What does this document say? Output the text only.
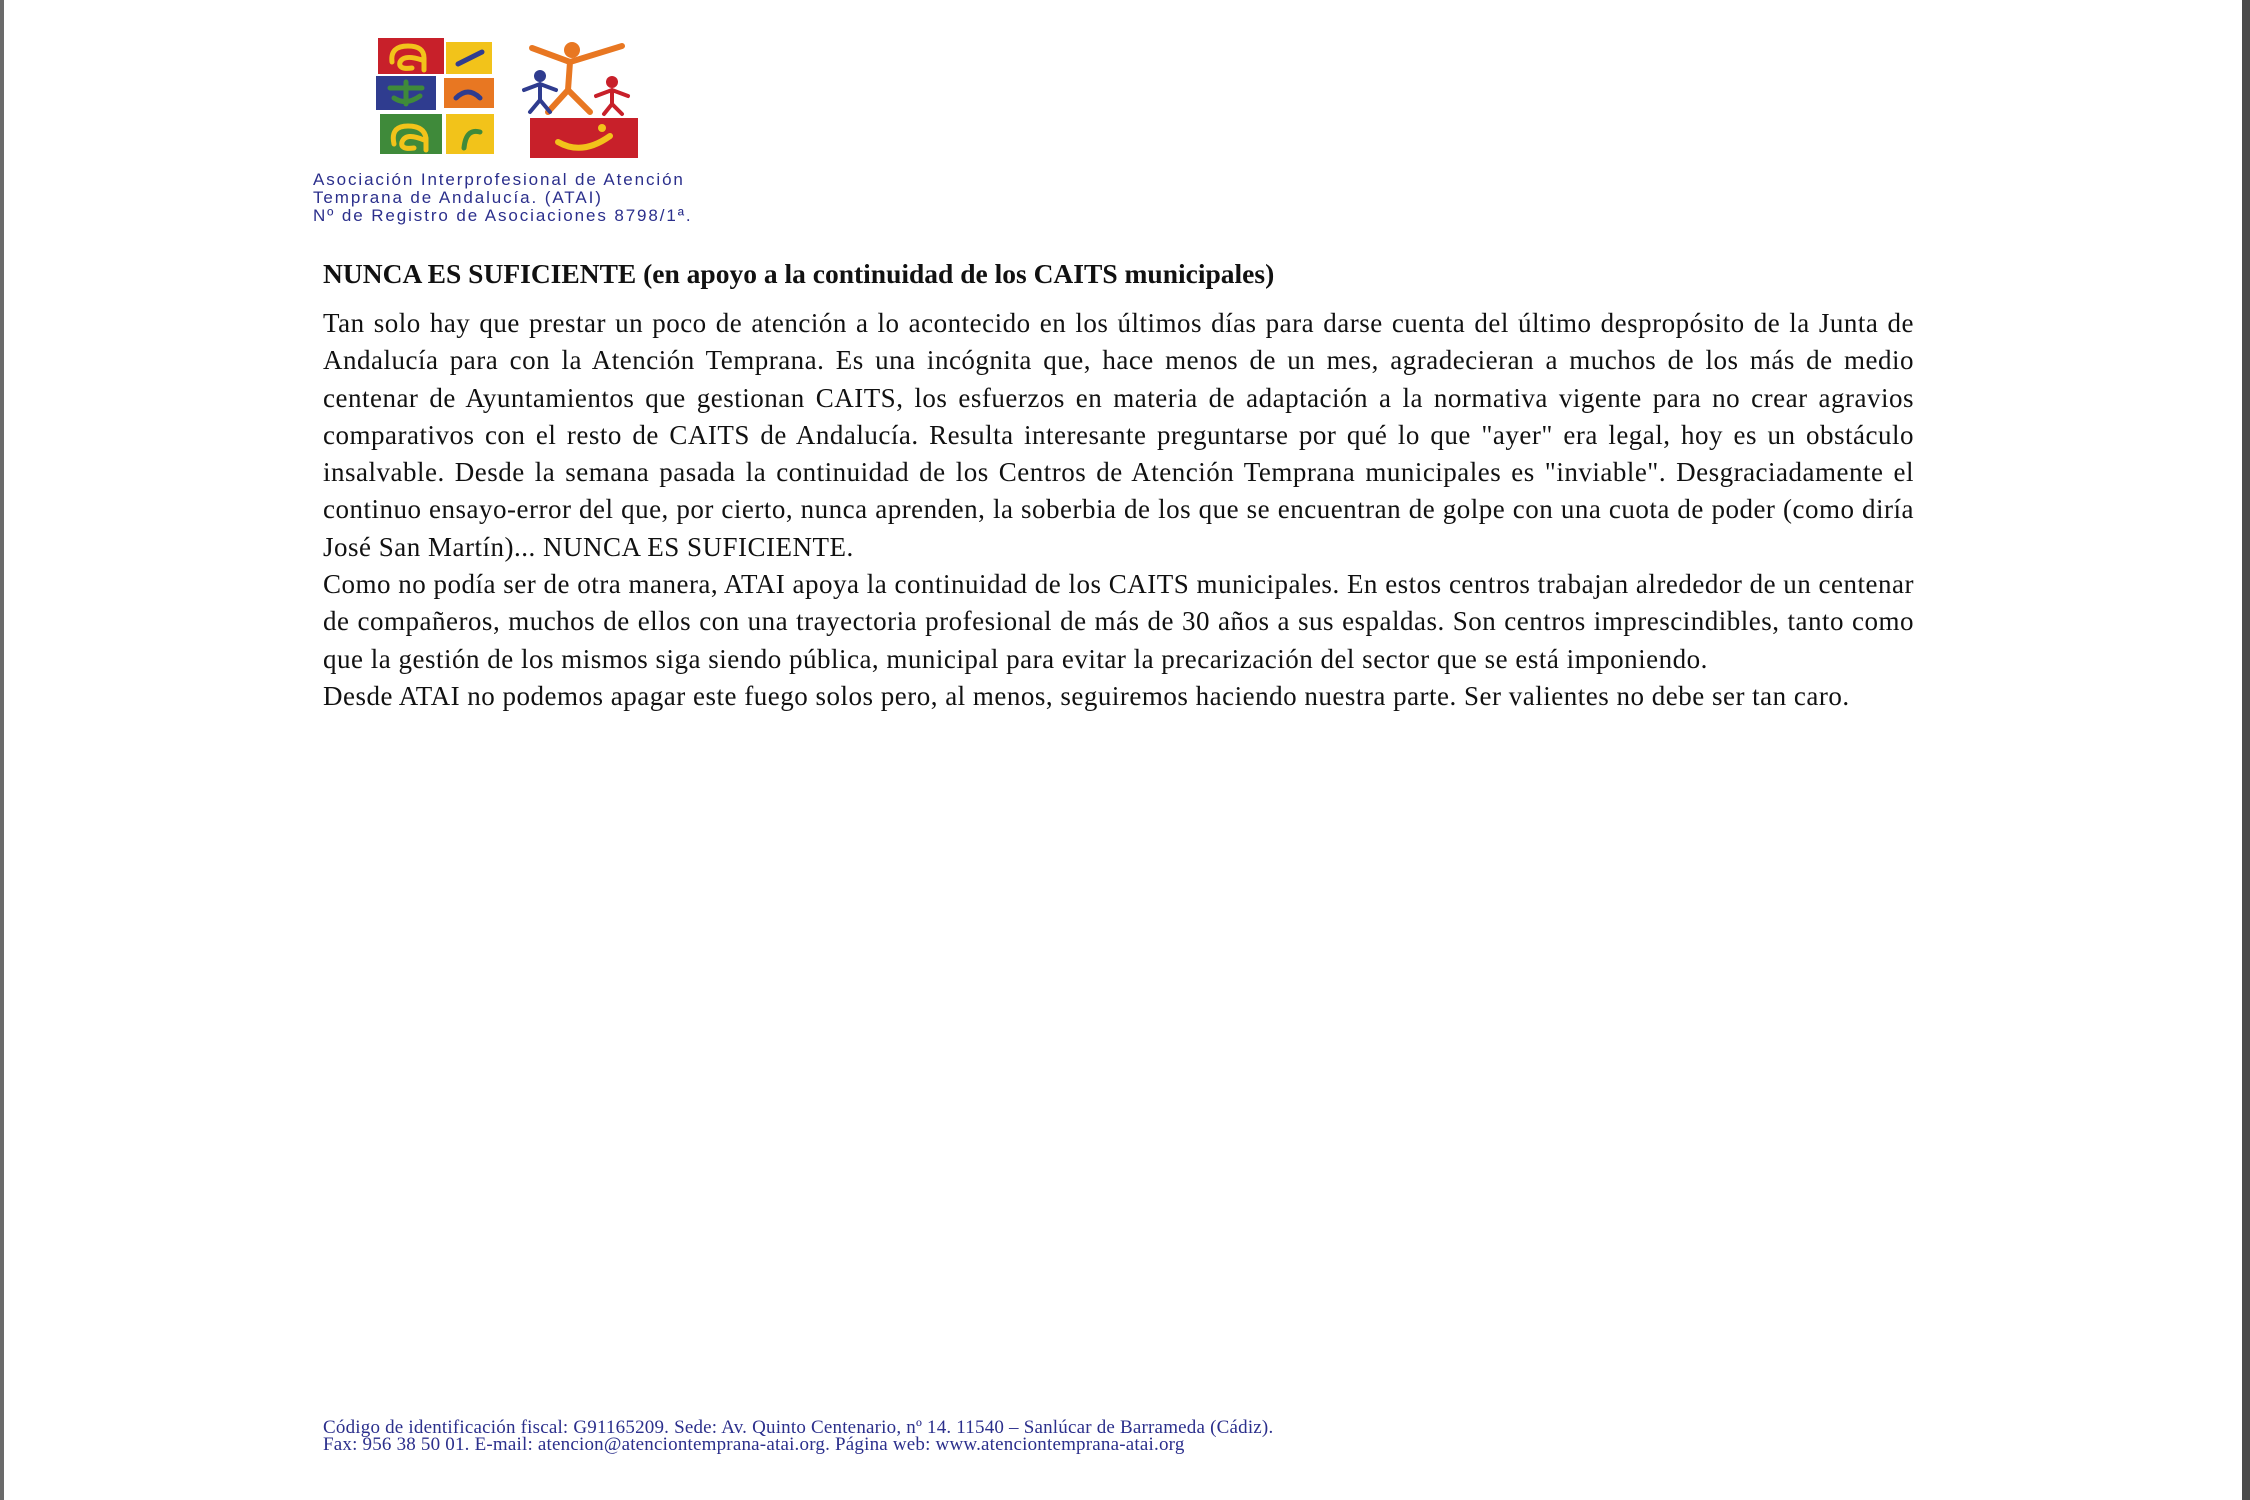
Asociación Interprofesional de Atención
Temprana de Andalucía. (ATAI)
Nº de Registro de Asociaciones 8798/1ª.
NUNCA ES SUFICIENTE (en apoyo a la continuidad de los CAITS municipales)

Tan solo hay que prestar un poco de atención a lo acontecido en los últimos días para darse cuenta del último despropósito de la Junta de Andalucía para con la Atención Temprana. Es una incógnita que, hace menos de un mes, agradecieran a muchos de los más de medio centenar de Ayuntamientos que gestionan CAITS, los esfuerzos en materia de adaptación a la normativa vigente para no crear agravios comparativos con el resto de CAITS de Andalucía. Resulta interesante preguntarse por qué lo que "ayer" era legal, hoy es un obstáculo insalvable. Desde la semana pasada la continuidad de los Centros de Atención Temprana municipales es "inviable". Desgraciadamente el continuo ensayo-error del que, por cierto, nunca aprenden, la soberbia de los que se encuentran de golpe con una cuota de poder (como diría José San Martín)... NUNCA ES SUFICIENTE.

Como no podía ser de otra manera, ATAI apoya la continuidad de los CAITS municipales. En estos centros trabajan alrededor de un centenar de compañeros, muchos de ellos con una trayectoria profesional de más de 30 años a sus espaldas. Son centros imprescindibles, tanto como que la gestión de los mismos siga siendo pública, municipal para evitar la precarización del sector que se está imponiendo.

Desde ATAI no podemos apagar este fuego solos pero, al menos, seguiremos haciendo nuestra parte. Ser valientes no debe ser tan caro.

Código de identificación fiscal: G91165209. Sede: Av. Quinto Centenario, nº 14. 11540 – Sanlúcar de Barrameda (Cádiz).
Fax: 956 38 50 01. E-mail: atencion@atenciontemprana-atai.org. Página web: www.atenciontemprana-atai.org
